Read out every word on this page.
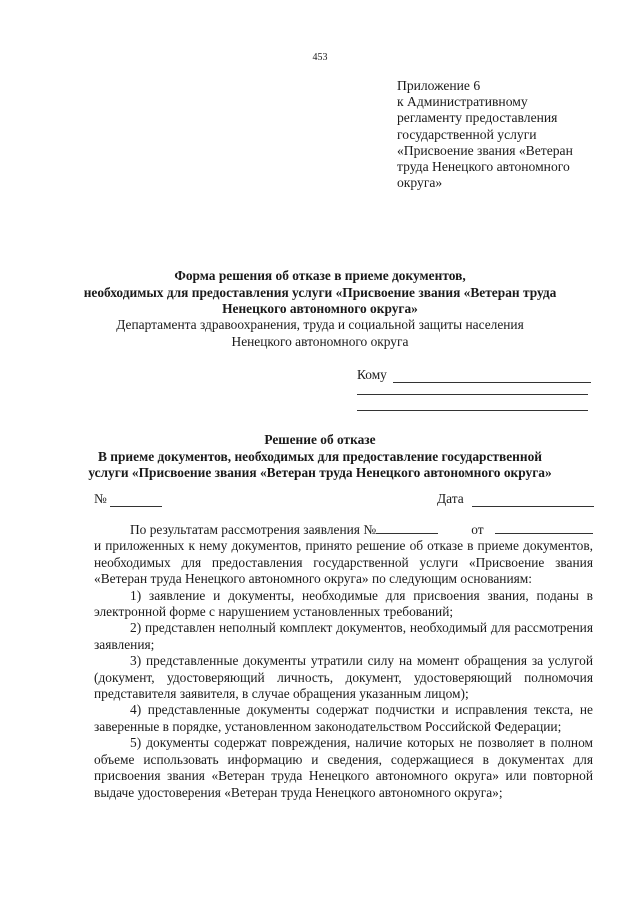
453
Приложение 6
к Административному
регламенту предоставления
государственной услуги
«Присвоение звания «Ветеран
труда Ненецкого автономного
округа»
Форма решения об отказе в приеме документов,
необходимых для предоставления услуги «Присвоение звания «Ветеран труда
Ненецкого автономного округа»
Департамента здравоохранения, труда и социальной защиты населения
Ненецкого автономного округа
Кому
Решение об отказе
В приеме документов, необходимых для предоставление государственной
услуги «Присвоение звания «Ветеран труда Ненецкого автономного округа»
№	Дата
По результатам рассмотрения заявления №	от

и приложенных к нему документов, принято решение об отказе в приеме документов, необходимых для предоставления государственной услуги «Присвоение звания «Ветеран труда Ненецкого автономного округа» по следующим основаниям:

1) заявление и документы, необходимые для присвоения звания, поданы в электронной форме с нарушением установленных требований;

2) представлен неполный комплект документов, необходимый для рассмотрения заявления;

3) представленные документы утратили силу на момент обращения за услугой (документ, удостоверяющий личность, документ, удостоверяющий полномочия представителя заявителя, в случае обращения указанным лицом);

4) представленные документы содержат подчистки и исправления текста, не заверенные в порядке, установленном законодательством Российской Федерации;

5) документы содержат повреждения, наличие которых не позволяет в полном объеме использовать информацию и сведения, содержащиеся в документах для присвоения звания «Ветеран труда Ненецкого автономного округа» или повторной выдаче удостоверения «Ветеран труда Ненецкого автономного округа»;
